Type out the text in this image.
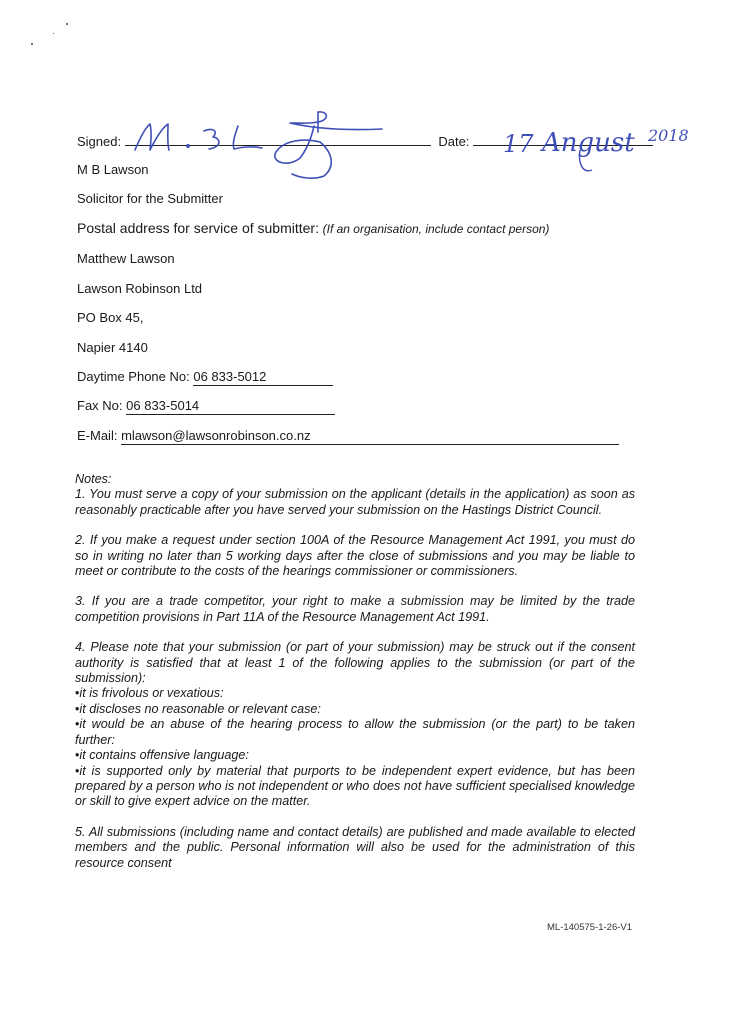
Signed:	Date:	17 Angust 2018
M B Lawson
Solicitor for the Submitter
Postal address for service of submitter: (If an organisation, include contact person)
Matthew Lawson
Lawson Robinson Ltd
PO Box 45,
Napier 4140
Daytime Phone No: 06 833-5012
Fax No: 06 833-5014
E-Mail: mlawson@lawsonrobinson.co.nz

Notes:

1. You must serve a copy of your submission on the applicant (details in the application) as soon as reasonably practicable after you have served your submission on the Hastings District Council.

2. If you make a request under section 100A of the Resource Management Act 1991, you must do so in writing no later than 5 working days after the close of submissions and you may be liable to meet or contribute to the costs of the hearings commissioner or commissioners.

3. If you are a trade competitor, your right to make a submission may be limited by the trade competition provisions in Part 11A of the Resource Management Act 1991.

4. Please note that your submission (or part of your submission) may be struck out if the consent authority is satisfied that at least 1 of the following applies to the submission (or part of the submission):

• it is frivolous or vexatious:

• it discloses no reasonable or relevant case:

• it would be an abuse of the hearing process to allow the submission (or the part) to be taken further:

• it contains offensive language:

• it is supported only by material that purports to be independent expert evidence, but has been prepared by a person who is not independent or who does not have sufficient specialised knowledge or skill to give expert advice on the matter.

5. All submissions (including name and contact details) are published and made available to elected members and the public. Personal information will also be used for the administration of this resource consent

ML-140575-1-26-V1
